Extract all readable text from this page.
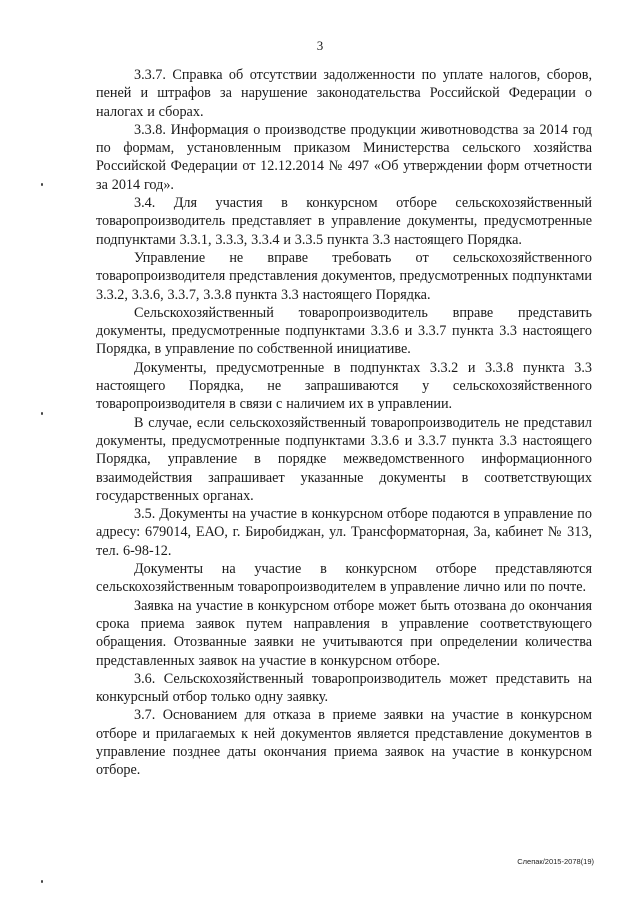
3

3.3.7. Справка об отсутствии задолженности по уплате налогов, сборов, пеней и штрафов за нарушение законодательства Российской Федерации о налогах и сборах.

3.3.8. Информация о производстве продукции животноводства за 2014 год по формам, установленным приказом Министерства сельского хозяйства Российской Федерации от 12.12.2014 № 497 «Об утверждении форм отчетности за 2014 год».

3.4. Для участия в конкурсном отборе сельскохозяйственный товаропроизводитель представляет в управление документы, предусмотренные подпунктами 3.3.1, 3.3.3, 3.3.4 и 3.3.5 пункта 3.3 настоящего Порядка.

Управление не вправе требовать от сельскохозяйственного товаропроизводителя представления документов, предусмотренных подпунктами 3.3.2, 3.3.6, 3.3.7, 3.3.8 пункта 3.3 настоящего Порядка.

Сельскохозяйственный товаропроизводитель вправе представить документы, предусмотренные подпунктами 3.3.6 и 3.3.7 пункта 3.3 настоящего Порядка, в управление по собственной инициативе.

Документы, предусмотренные в подпунктах 3.3.2 и 3.3.8 пункта 3.3 настоящего Порядка, не запрашиваются у сельскохозяйственного товаропроизводителя в связи с наличием их в управлении.

В случае, если сельскохозяйственный товаропроизводитель не представил документы, предусмотренные подпунктами 3.3.6 и 3.3.7 пункта 3.3 настоящего Порядка, управление в порядке межведомственного информационного взаимодействия запрашивает указанные документы в соответствующих государственных органах.

3.5. Документы на участие в конкурсном отборе подаются в управление по адресу: 679014, ЕАО, г. Биробиджан, ул. Трансформаторная, 3а, кабинет № 313, тел. 6-98-12.

Документы на участие в конкурсном отборе представляются сельскохозяйственным товаропроизводителем в управление лично или по почте.

Заявка на участие в конкурсном отборе может быть отозвана до окончания срока приема заявок путем направления в управление соответствующего обращения. Отозванные заявки не учитываются при определении количества представленных заявок на участие в конкурсном отборе.

3.6. Сельскохозяйственный товаропроизводитель может представить на конкурсный отбор только одну заявку.

3.7. Основанием для отказа в приеме заявки на участие в конкурсном отборе и прилагаемых к ней документов является представление документов в управление позднее даты окончания приема заявок на участие в конкурсном отборе.

Слепак/2015-2078(19)
